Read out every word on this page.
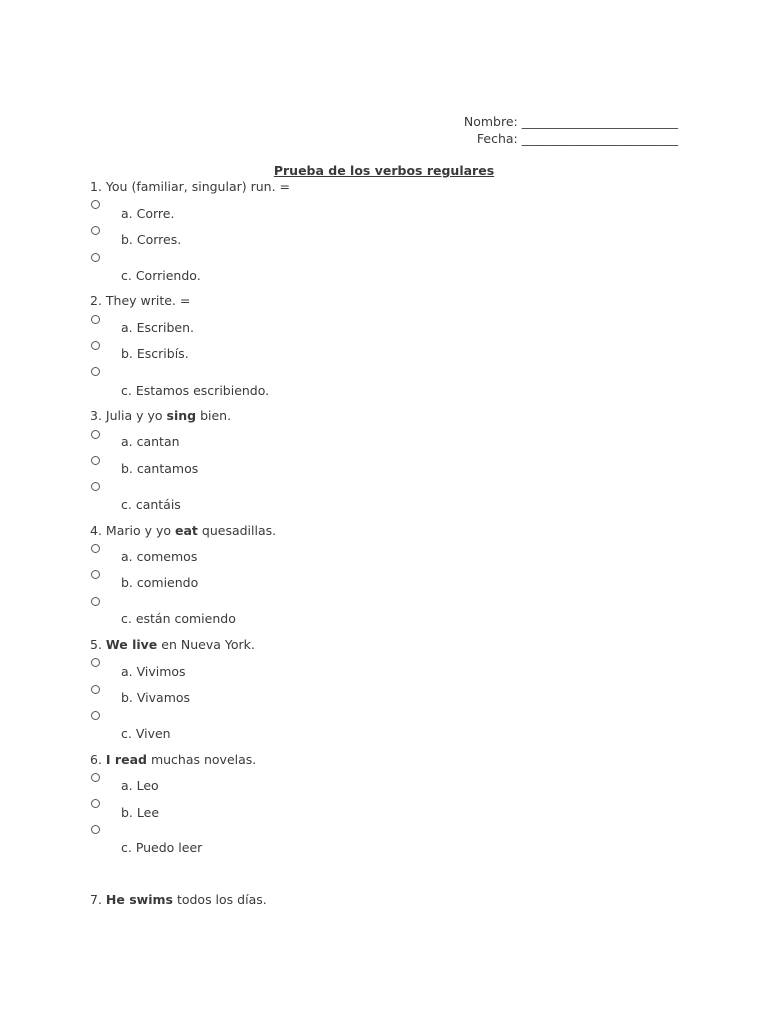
Nombre: _________________________
Fecha: _________________________
Prueba de los verbos regulares
1. You (familiar, singular) run. =
a. Corre.
b. Corres.
c. Corriendo.
2. They write. =
a. Escriben.
b. Escribís.
c. Estamos escribiendo.
3. Julia y yo sing bien.
a. cantan
b. cantamos
c. cantáis
4. Mario y yo eat quesadillas.
a. comemos
b. comiendo
c. están comiendo
5. We live en Nueva York.
a. Vivimos
b. Vivamos
c. Viven
6. I read muchas novelas.
a. Leo
b. Lee
c. Puedo leer
7. He swims todos los días.
